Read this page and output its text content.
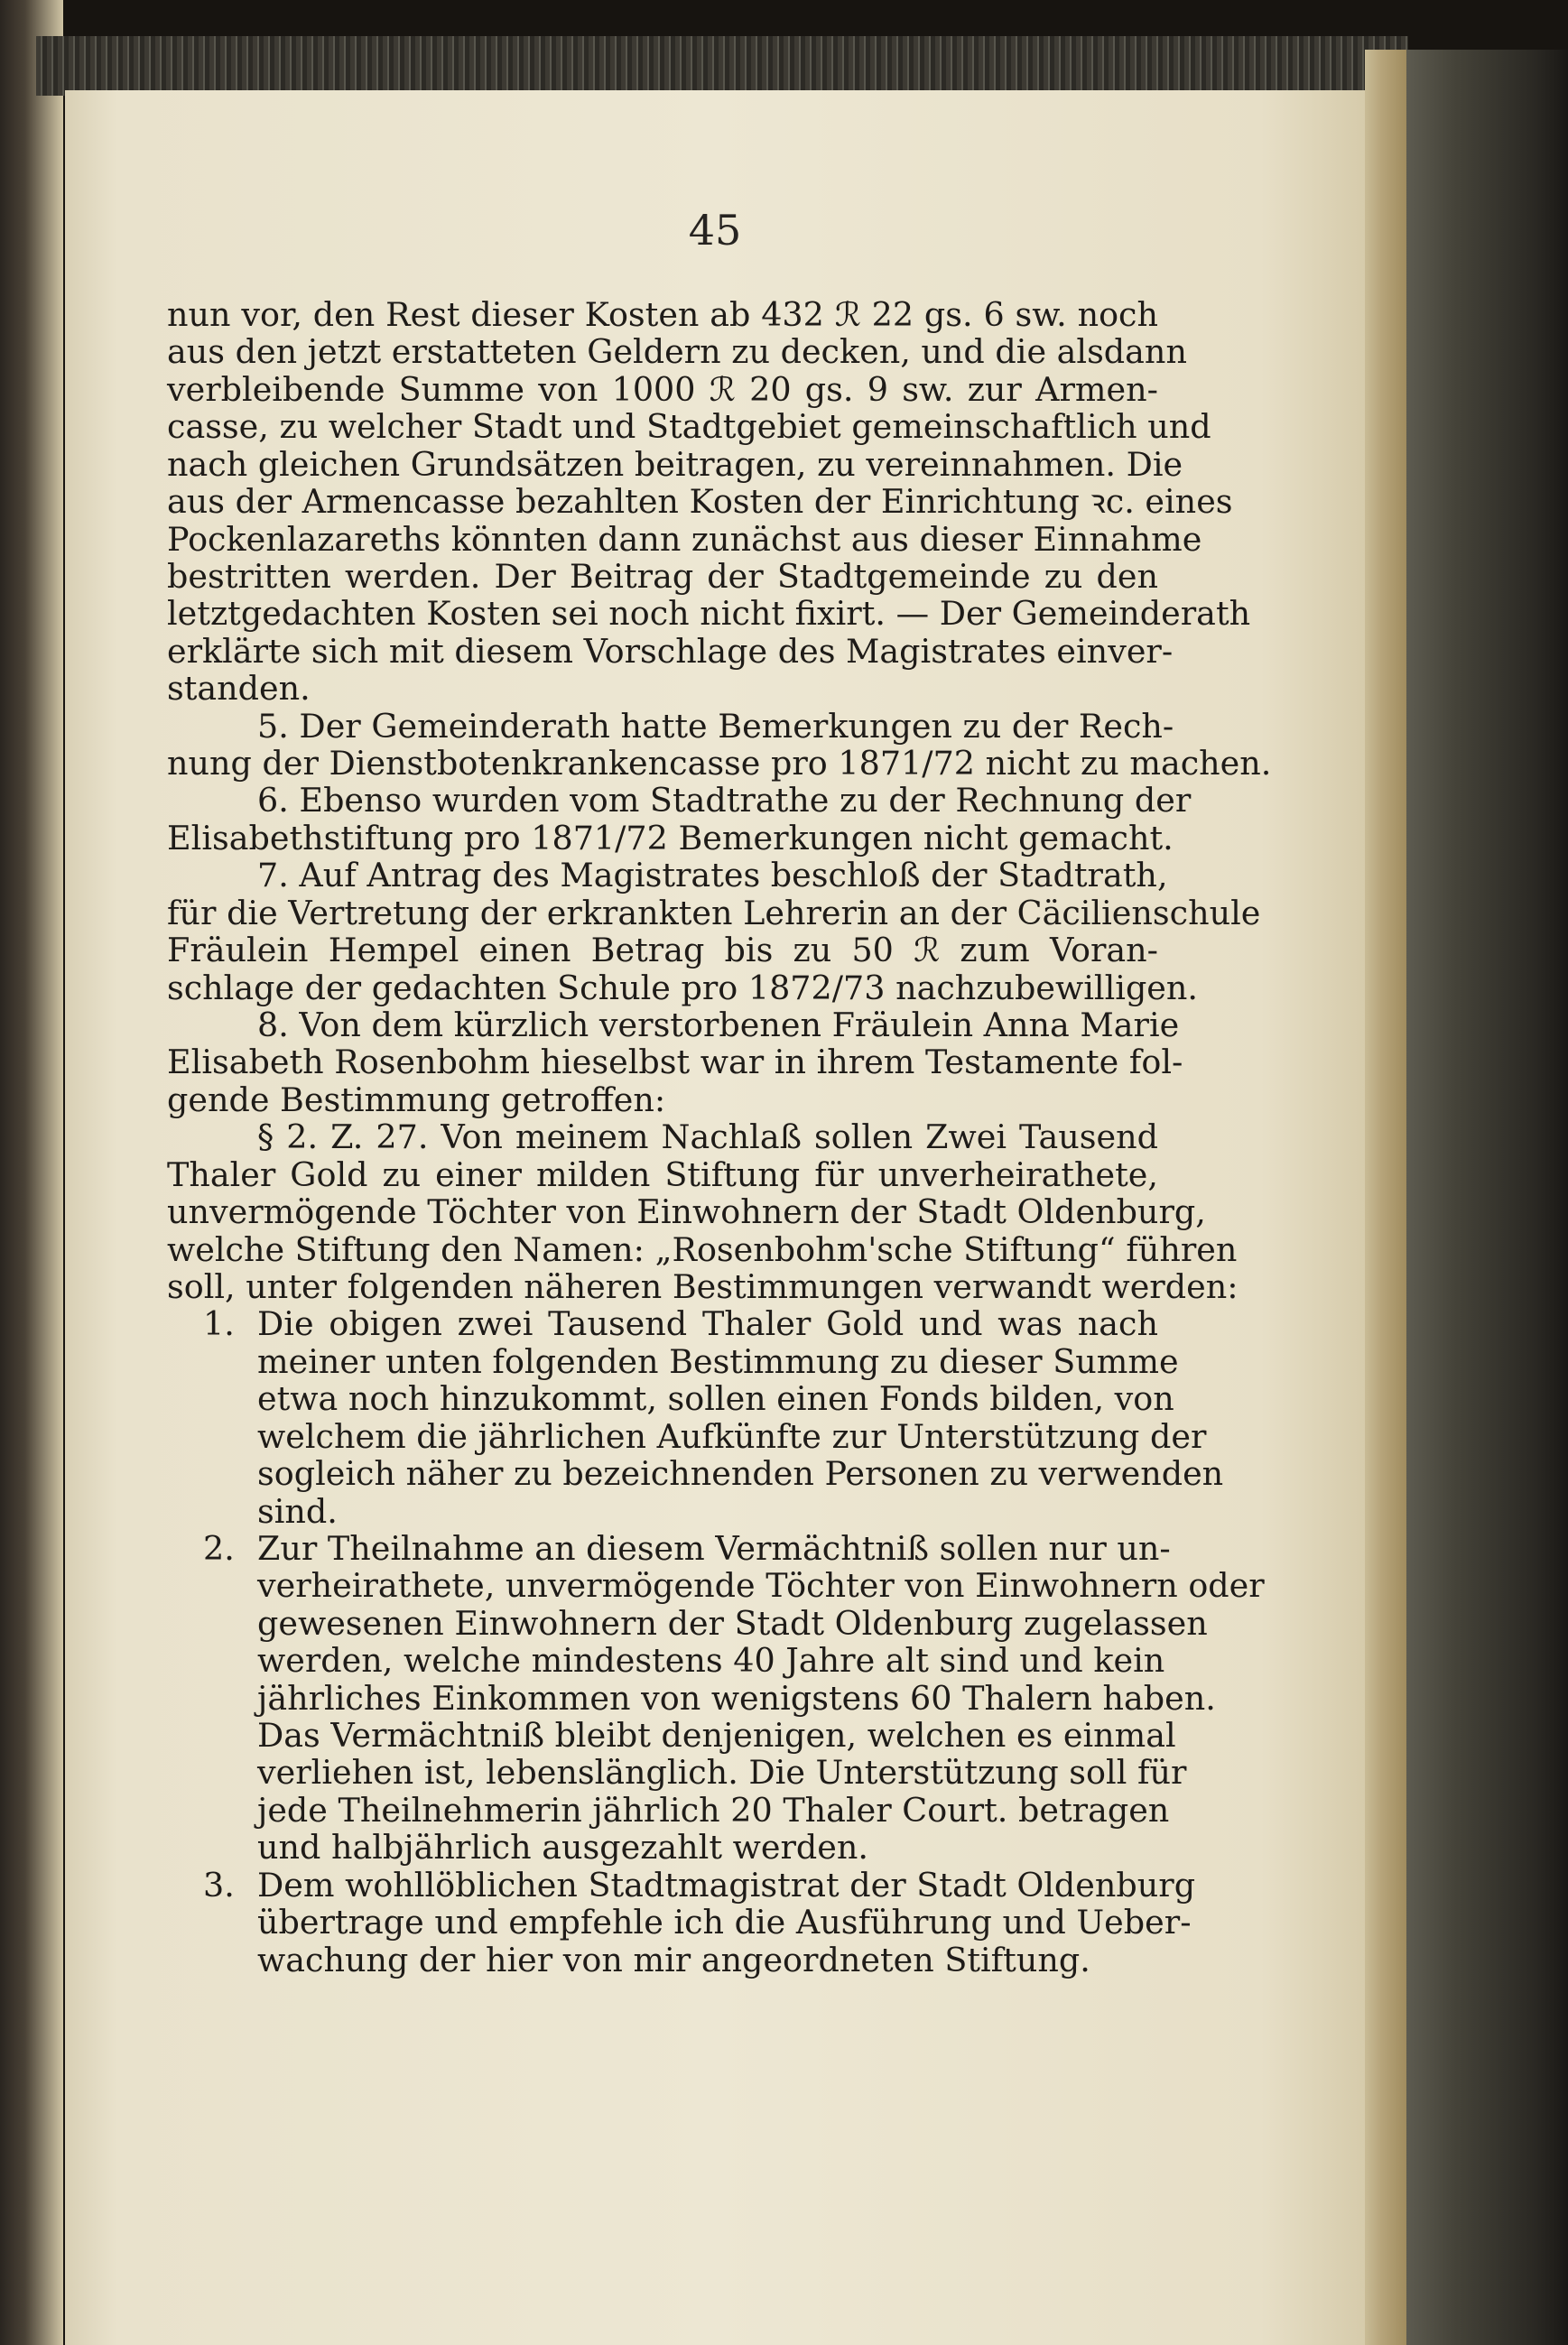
45
nun vor, den Rest dieser Kosten ab 432 ℛ 22 gs. 6 sw. noch
aus den jetzt erstatteten Geldern zu decken, und die alsdann
verbleibende Summe von 1000 ℛ 20 gs. 9 sw. zur Armen-
casse, zu welcher Stadt und Stadtgebiet gemeinschaftlich und
nach gleichen Grundsätzen beitragen, zu vereinnahmen. Die
aus der Armencasse bezahlten Kosten der Einrichtung ꝛc. eines
Pockenlazareths könnten dann zunächst aus dieser Einnahme
bestritten werden. Der Beitrag der Stadtgemeinde zu den
letztgedachten Kosten sei noch nicht fixirt. — Der Gemeinderath
erklärte sich mit diesem Vorschlage des Magistrates einver-
standen.
5. Der Gemeinderath hatte Bemerkungen zu der Rech-
nung der Dienstbotenkrankencasse pro 1871/72 nicht zu machen.
6. Ebenso wurden vom Stadtrathe zu der Rechnung der
Elisabethstiftung pro 1871/72 Bemerkungen nicht gemacht.
7. Auf Antrag des Magistrates beschloß der Stadtrath,
für die Vertretung der erkrankten Lehrerin an der Cäcilienschule
Fräulein Hempel einen Betrag bis zu 50 ℛ zum Voran-
schlage der gedachten Schule pro 1872/73 nachzubewilligen.
8. Von dem kürzlich verstorbenen Fräulein Anna Marie
Elisabeth Rosenbohm hieselbst war in ihrem Testamente fol-
gende Bestimmung getroffen:
§ 2. Z. 27. Von meinem Nachlaß sollen Zwei Tausend
Thaler Gold zu einer milden Stiftung für unverheirathete,
unvermögende Töchter von Einwohnern der Stadt Oldenburg,
welche Stiftung den Namen: „Rosenbohm'sche Stiftung“ führen
soll, unter folgenden näheren Bestimmungen verwandt werden:
1. Die obigen zwei Tausend Thaler Gold und was nach
meiner unten folgenden Bestimmung zu dieser Summe
etwa noch hinzukommt, sollen einen Fonds bilden, von
welchem die jährlichen Aufkünfte zur Unterstützung der
sogleich näher zu bezeichnenden Personen zu verwenden
sind.
2. Zur Theilnahme an diesem Vermächtniß sollen nur un-
verheirathete, unvermögende Töchter von Einwohnern oder
gewesenen Einwohnern der Stadt Oldenburg zugelassen
werden, welche mindestens 40 Jahre alt sind und kein
jährliches Einkommen von wenigstens 60 Thalern haben.
Das Vermächtniß bleibt denjenigen, welchen es einmal
verliehen ist, lebenslänglich. Die Unterstützung soll für
jede Theilnehmerin jährlich 20 Thaler Court. betragen
und halbjährlich ausgezahlt werden.
3. Dem wohllöblichen Stadtmagistrat der Stadt Oldenburg
übertrage und empfehle ich die Ausführung und Ueber-
wachung der hier von mir angeordneten Stiftung.
